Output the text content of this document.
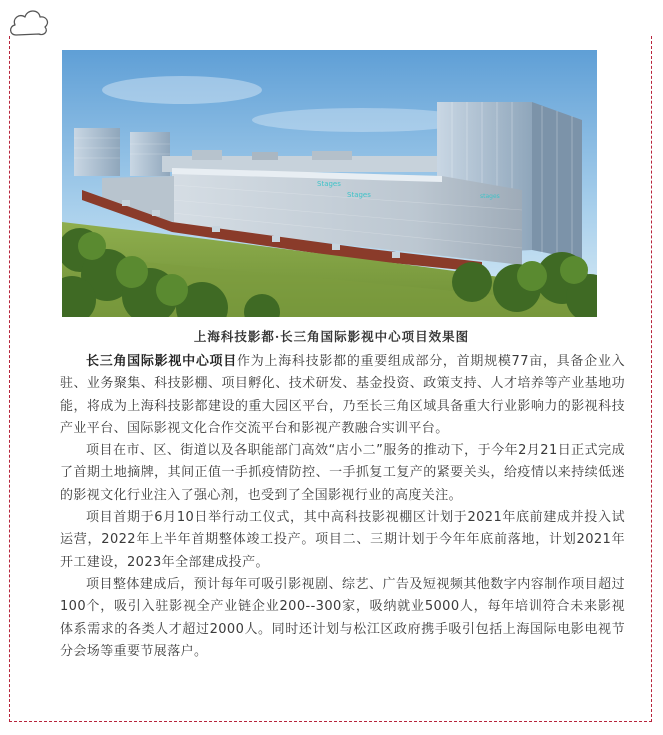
Stages
Stages	stages
上海科技影都·长三角国际影视中心项目效果图

长三角国际影视中心项目作为上海科技影都的重要组成部分，首期规模77亩，具备企业入驻、业务聚集、科技影棚、项目孵化、技术研发、基金投资、政策支持、人才培养等产业基地功能，将成为上海科技影都建设的重大园区平台，乃至长三角区域具备重大行业影响力的影视科技产业平台、国际影视文化合作交流平台和影视产教融合实训平台。

项目在市、区、街道以及各职能部门高效“店小二”服务的推动下，于今年2月21日正式完成了首期土地摘牌，其间正值一手抓疫情防控、一手抓复工复产的紧要关头，给疫情以来持续低迷的影视文化行业注入了强心剂，也受到了全国影视行业的高度关注。

项目首期于6月10日举行动工仪式，其中高科技影视棚区计划于2021年底前建成并投入试运营，2022年上半年首期整体竣工投产。项目二、三期计划于今年年底前落地，计划2021年开工建设，2023年全部建成投产。

项目整体建成后，预计每年可吸引影视剧、综艺、广告及短视频其他数字内容制作项目超过100个，吸引入驻影视全产业链企业200--300家，吸纳就业5000人，每年培训符合未来影视体系需求的各类人才超过2000人。同时还计划与松江区政府携手吸引包括上海国际电影电视节分会场等重要节展落户。
